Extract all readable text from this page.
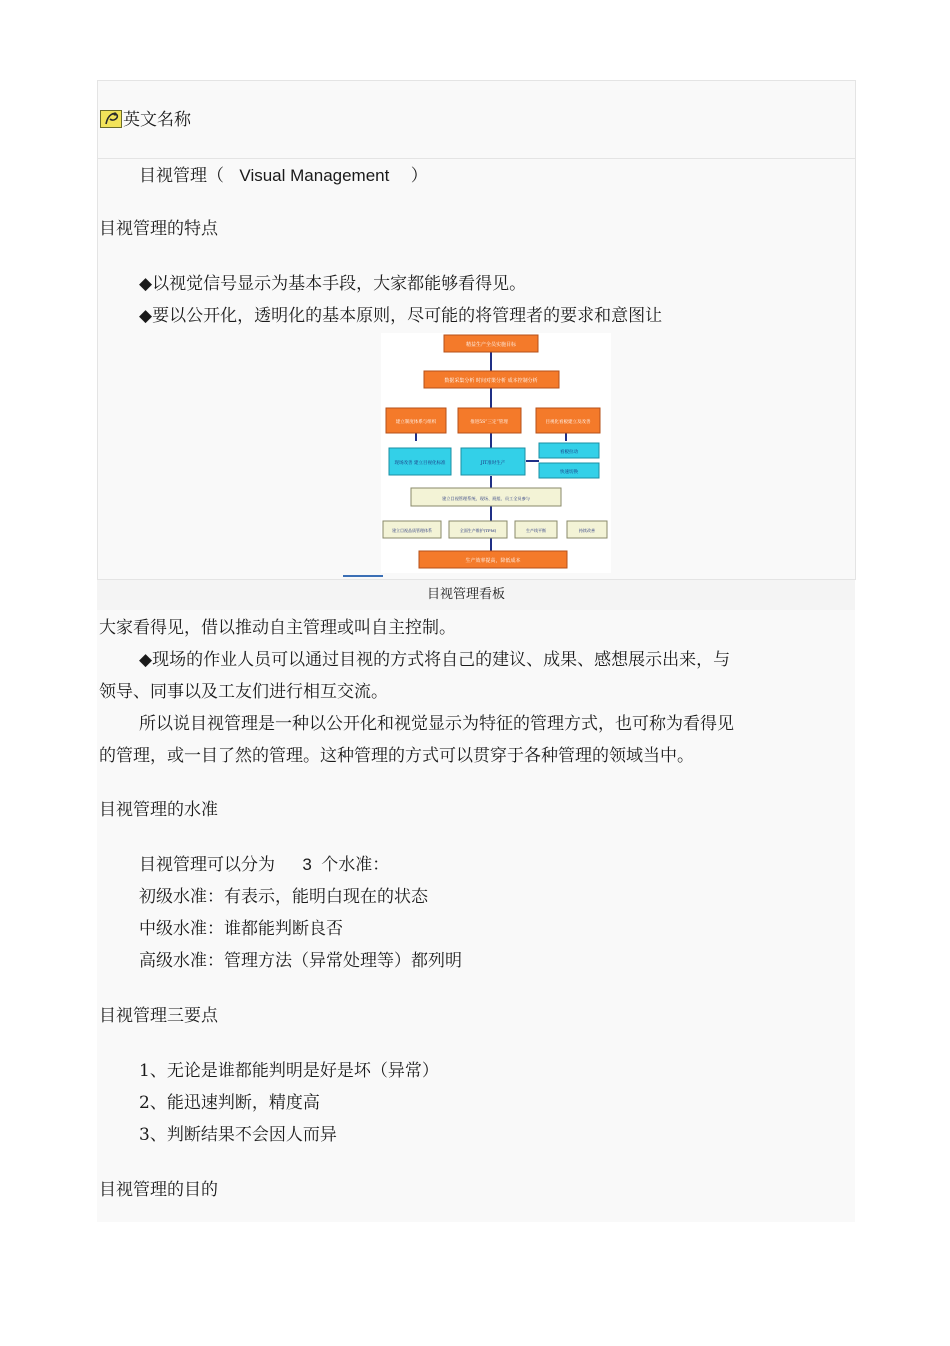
英文名称
目视管理（ Visual Management ）
目视管理的特点
◆以视觉信号显示为基本手段，大家都能够看得见。
◆要以公开化，透明化的基本原则，尽可能的将管理者的要求和意图让
精益生产全员实施目标
数据采集分析 时间对策分析 成本控制分析
建立制度体系与组织	推进5S“三定”管理	目视化看板建立及改善
现场改善 建立目视化标准	JIT准时生产
看板拉动
快速切换
建立目视管理系统，现场、班组、员工全员参与
建立目视品质管理体系	全面生产维护(TPM)	生产线平衡	持续改善
生产效率提高，降低成本
目视管理看板
大家看得见，借以推动自主管理或叫自主控制。
◆现场的作业人员可以通过目视的方式将自己的建议、成果、感想展示出来，与
领导、同事以及工友们进行相互交流。
所以说目视管理是一种以公开化和视觉显示为特征的管理方式，也可称为看得见
的管理，或一目了然的管理。这种管理的方式可以贯穿于各种管理的领域当中。
目视管理的水准
目视管理可以分为 3 个水准：
初级水准：有表示，能明白现在的状态
中级水准：谁都能判断良否
高级水准：管理方法（异常处理等）都列明
目视管理三要点
1、无论是谁都能判明是好是坏（异常）
2、能迅速判断，精度高
3、判断结果不会因人而异
目视管理的目的
